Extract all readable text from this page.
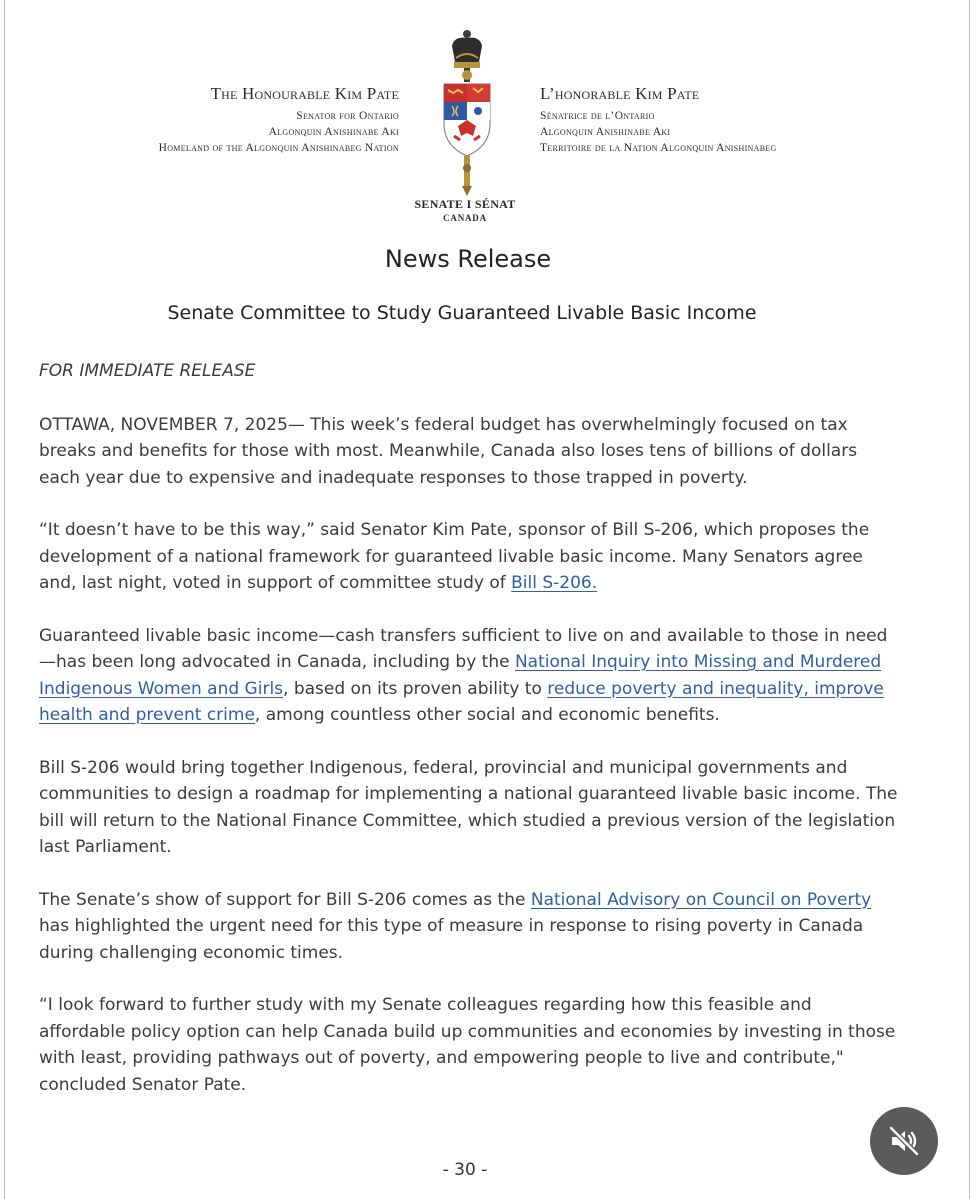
The Honourable Kim Pate
Senator for Ontario
Algonquin Anishinabe Aki
Homeland of the Algonquin Anishinabeg Nation
L’honorable Kim Pate
Sénatrice de l’Ontario
Algonquin Anishinabe Aki
Territoire de la Nation Algonquin Anishinabeg
SENATE I SÉNAT
CANADA
News Release
Senate Committee to Study Guaranteed Livable Basic Income

FOR IMMEDIATE RELEASE

OTTAWA, NOVEMBER 7, 2025— This week’s federal budget has overwhelmingly focused on tax breaks and benefits for those with most. Meanwhile, Canada also loses tens of billions of dollars each year due to expensive and inadequate responses to those trapped in poverty.

“It doesn’t have to be this way,” said Senator Kim Pate, sponsor of Bill S-206, which proposes the development of a national framework for guaranteed livable basic income. Many Senators agree and, last night, voted in support of committee study of Bill S-206.

Guaranteed livable basic income—cash transfers sufficient to live on and available to those in need—has been long advocated in Canada, including by the National Inquiry into Missing and Murdered Indigenous Women and Girls, based on its proven ability to reduce poverty and inequality, improve health and prevent crime, among countless other social and economic benefits.

Bill S-206 would bring together Indigenous, federal, provincial and municipal governments and communities to design a roadmap for implementing a national guaranteed livable basic income. The bill will return to the National Finance Committee, which studied a previous version of the legislation last Parliament.

The Senate’s show of support for Bill S-206 comes as the National Advisory on Council on Poverty has highlighted the urgent need for this type of measure in response to rising poverty in Canada during challenging economic times.

“I look forward to further study with my Senate colleagues regarding how this feasible and affordable policy option can help Canada build up communities and economies by investing in those with least, providing pathways out of poverty, and empowering people to live and contribute," concluded Senator Pate.

- 30 -
